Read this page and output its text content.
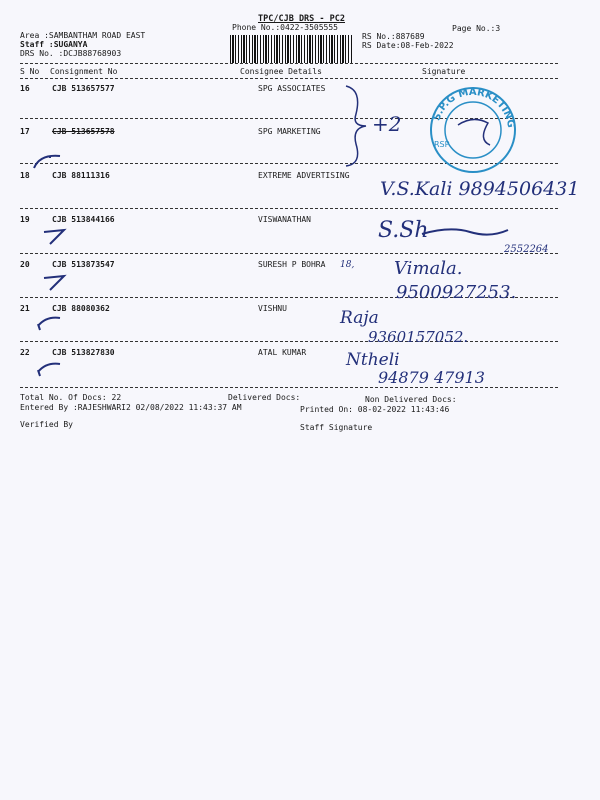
TPC/CJB DRS - PC2
Phone No.:0422-3505555	Page No.:3
Area :SAMBANTHAM ROAD EAST
Staff :SUGANYA
DRS No. :DCJB88768903
RS No.:887689
RS Date:08-Feb-2022
S No Consignment No	Consignee Details	Signature
16	CJB 513657577	SPG ASSOCIATES
17	CJB 513657578	SPG MARKETING
18	CJB 88111316	EXTREME ADVERTISING
19	CJB 513844166	VISWANATHAN
20	CJB 513873547	SURESH P BOHRA
21	CJB 88080362	VISHNU
22	CJB 513827830	ATAL KUMAR
Total No. Of Docs: 22	Delivered Docs:	Non Delivered Docs:
Entered By :RAJESHWARI2 02/08/2022 11:43:37 AM	Printed On: 08-02-2022 11:43:46
Verified By	Staff Signature
+2	S.P.G MARKETING
RSP
V.S.Kali 9894506431
S.Sh
2552264
18, Vimala.
9500927253.
Raja
9360157052.
Ntheli
94879 47913
